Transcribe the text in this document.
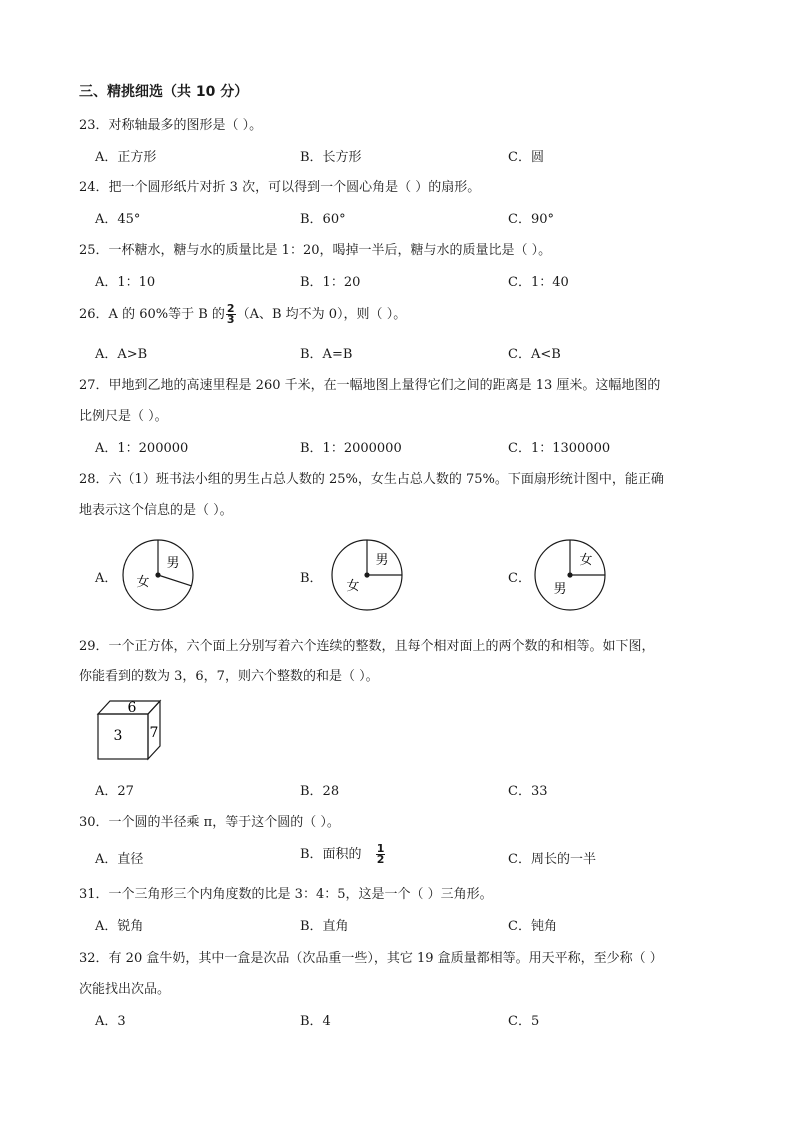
三、精挑细选（共 10 分）
23．对称轴最多的图形是（ ）。
A．正方形	B．长方形	C．圆
24．把一个圆形纸片对折 3 次，可以得到一个圆心角是（ ）的扇形。
A．45°	B．60°	C．90°
25．一杯糖水，糖与水的质量比是 1：20，喝掉一半后，糖与水的质量比是（ ）。
A．1：10	B．1：20	C．1：40
26．A 的 60%等于 B 的 $\frac{2}{3} (A$、B 均不为 0），则（ ）。
A．A>B	B．A=B	C．A<B
27．甲地到乙地的高速里程是 260 千米，在一幅地图上量得它们之间的距离是 13 厘米。这幅地图的
比例尺是（ ）。
A．1：200000	B．1：2000000	C．1：1300000
28．六（1）班书法小组的男生占总人数的 25%，女生占总人数的 75%。下面扇形统计图中，能正确
地表示这个信息的是（ ）。
A．	B．	C．
男
女
男
女
女
男
29．一个正方体，六个面上分别写着六个连续的整数，且每个相对面上的两个数的和相等。如下图，
你能看到的数为 3，6，7，则六个整数的和是（ ）。
6
3 7
A．27	B．28	C．33
30．一个圆的半径乘 π，等于这个圆的（ ）。
A．直径	B．面积的 $\frac{1}{2}$	C．周长的一半
31．一个三角形三个内角度数的比是 3：4：5，这是一个（ ）三角形。
A．锐角	B．直角	C．钝角
32．有 20 盒牛奶，其中一盒是次品（次品重一些），其它 19 盒质量都相等。用天平称，至少称（ ）
次能找出次品。
A．3	B．4	C．5
